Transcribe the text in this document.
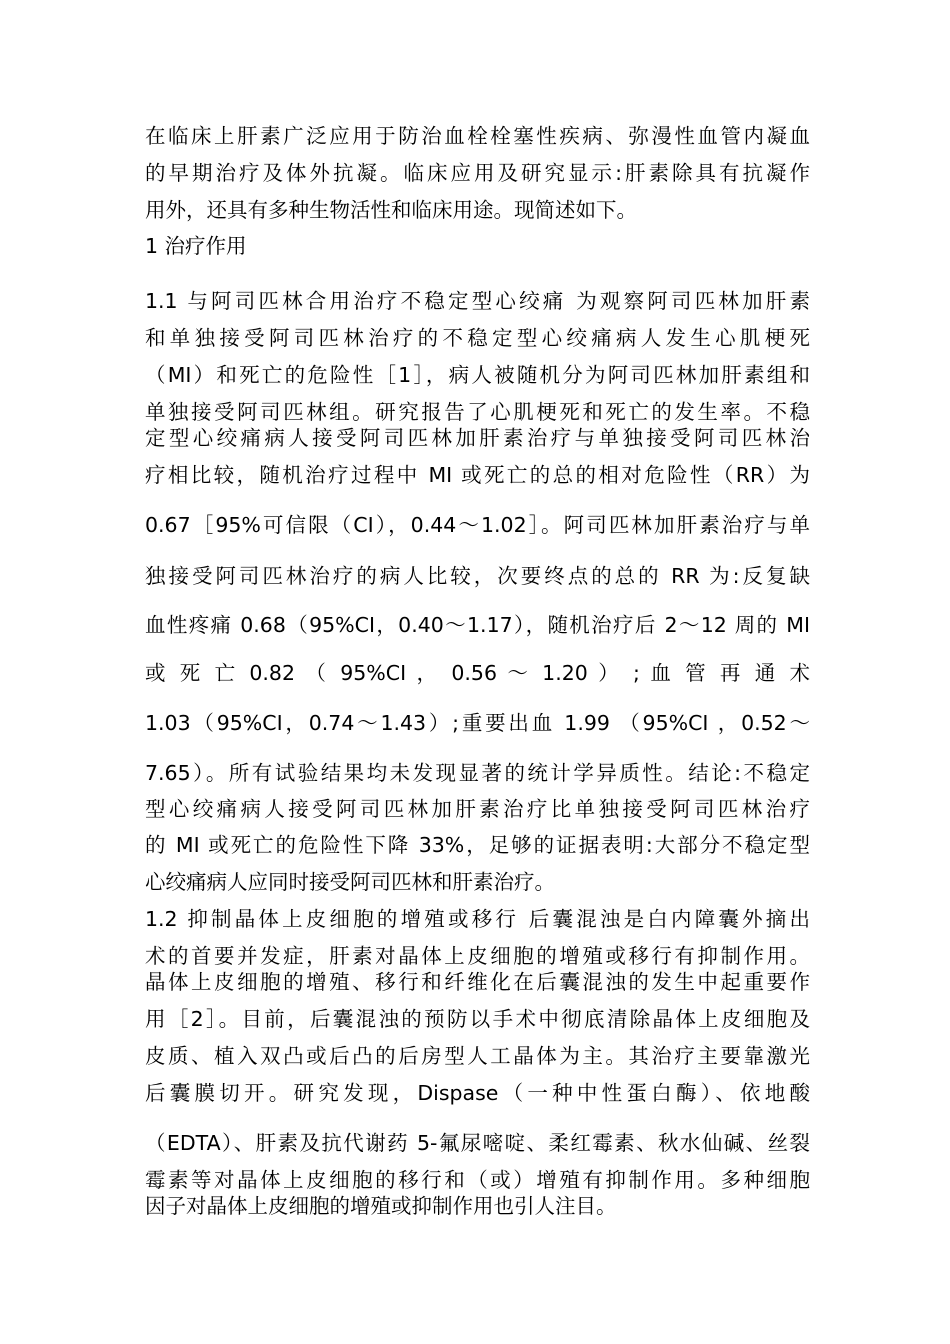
在临床上肝素广泛应用于防治血栓栓塞性疾病、弥漫性血管内凝血
的早期治疗及体外抗凝。临床应用及研究显示:肝素除具有抗凝作
用外，还具有多种生物活性和临床用途。现简述如下。
1 治疗作用
1.1 与阿司匹林合用治疗不稳定型心绞痛 为观察阿司匹林加肝素
和单独接受阿司匹林治疗的不稳定型心绞痛病人发生心肌梗死
（MI）和死亡的危险性［1］，病人被随机分为阿司匹林加肝素组和
单独接受阿司匹林组。研究报告了心肌梗死和死亡的发生率。不稳
定型心绞痛病人接受阿司匹林加肝素治疗与单独接受阿司匹林治
疗相比较，随机治疗过程中 MI 或死亡的总的相对危险性（RR）为
0.67［95%可信限（CI），0.44～1.02］。阿司匹林加肝素治疗与单
独接受阿司匹林治疗的病人比较，次要终点的总的 RR 为:反复缺
血性疼痛 0.68（95%CI，0.40～1.17），随机治疗后 2～12 周的 MI
或 死 亡 0.82 （ 95%CI ， 0.56 ～ 1.20 ） ; 血 管 再 通 术
1.03（95%CI，0.74～1.43）;重要出血 1.99 （95%CI ，0.52～
7.65）。所有试验结果均未发现显著的统计学异质性。结论:不稳定
型心绞痛病人接受阿司匹林加肝素治疗比单独接受阿司匹林治疗
的 MI 或死亡的危险性下降 33%，足够的证据表明:大部分不稳定型
心绞痛病人应同时接受阿司匹林和肝素治疗。
1.2 抑制晶体上皮细胞的增殖或移行 后囊混浊是白内障囊外摘出
术的首要并发症，肝素对晶体上皮细胞的增殖或移行有抑制作用。
晶体上皮细胞的增殖、移行和纤维化在后囊混浊的发生中起重要作
用［2］。目前，后囊混浊的预防以手术中彻底清除晶体上皮细胞及
皮质、植入双凸或后凸的后房型人工晶体为主。其治疗主要靠激光
后囊膜切开。研究发现，Dispase（一种中性蛋白酶）、依地酸
（EDTA）、肝素及抗代谢药 5-氟尿嘧啶、柔红霉素、秋水仙碱、丝裂
霉素等对晶体上皮细胞的移行和（或）增殖有抑制作用。多种细胞
因子对晶体上皮细胞的增殖或抑制作用也引人注目。
